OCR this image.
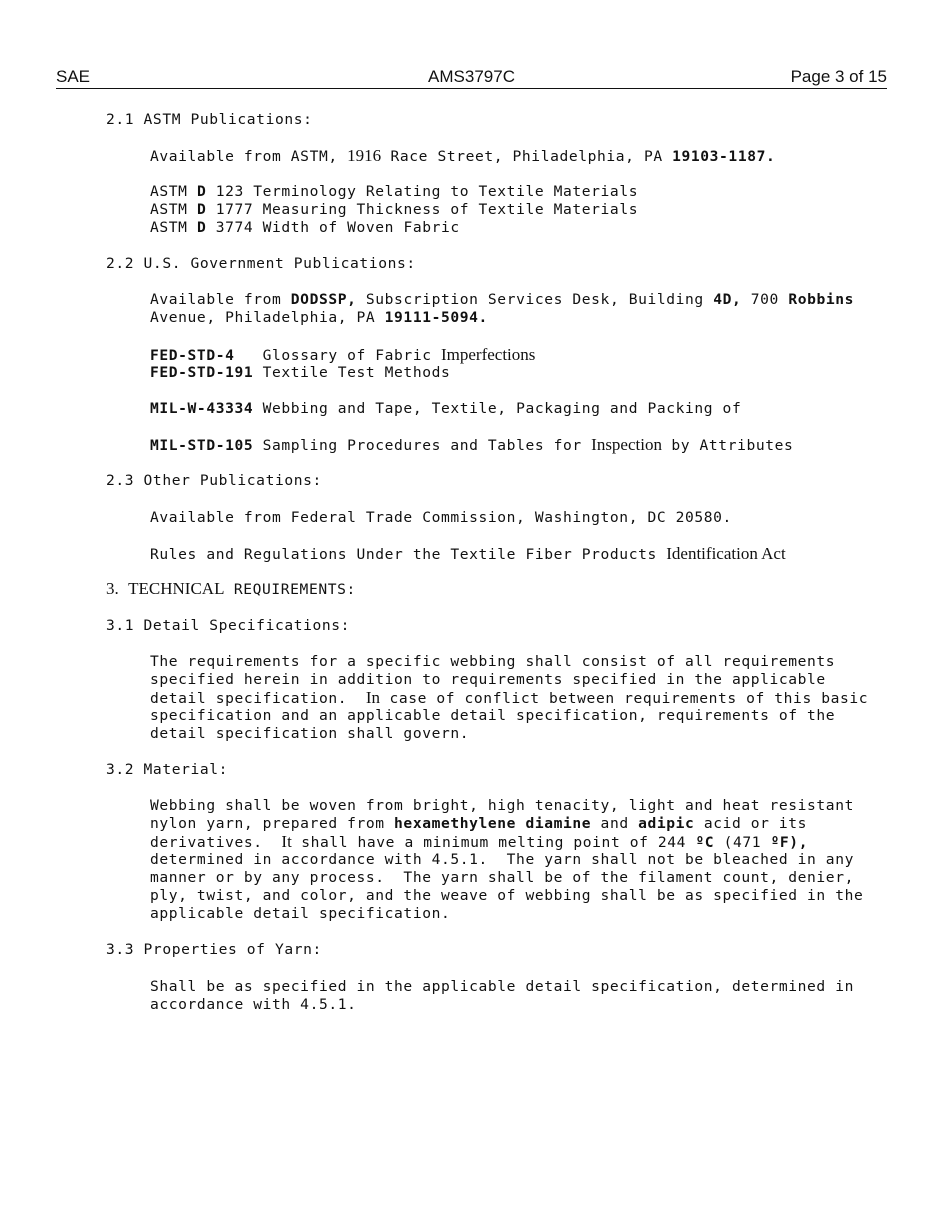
SAE	AMS3797C	Page 3 of 15

2.1 ASTM Publications:

Available from ASTM, 1916 Race Street, Philadelphia, PA 19103-1187.

ASTM D 123 Terminology Relating to Textile Materials

ASTM D 1777 Measuring Thickness of Textile Materials

ASTM D 3774 Width of Woven Fabric

2.2 U.S. Government Publications:

Available from DODSSP, Subscription Services Desk, Building 4D, 700 Robbins

Avenue, Philadelphia, PA 19111-5094.

FED-STD-4   Glossary of Fabric Imperfections

FED-STD-191 Textile Test Methods

MIL-W-43334 Webbing and Tape, Textile, Packaging and Packing of

MIL-STD-105 Sampling Procedures and Tables for Inspection by Attributes

2.3 Other Publications:

Available from Federal Trade Commission, Washington, DC 20580.

Rules and Regulations Under the Textile Fiber Products Identification Act

3. TECHNICAL REQUIREMENTS:

3.1 Detail Specifications:

The requirements for a specific webbing shall consist of all requirements

specified herein in addition to requirements specified in the applicable

detail specification.  In case of conflict between requirements of this basic

specification and an applicable detail specification, requirements of the

detail specification shall govern.

3.2 Material:

Webbing shall be woven from bright, high tenacity, light and heat resistant

nylon yarn, prepared from hexamethylene diamine and adipic acid or its

derivatives.  It shall have a minimum melting point of 244 ºC (471 ºF),

determined in accordance with 4.5.1.  The yarn shall not be bleached in any

manner or by any process.  The yarn shall be of the filament count, denier,

ply, twist, and color, and the weave of webbing shall be as specified in the

applicable detail specification.

3.3 Properties of Yarn:

Shall be as specified in the applicable detail specification, determined in

accordance with 4.5.1.
